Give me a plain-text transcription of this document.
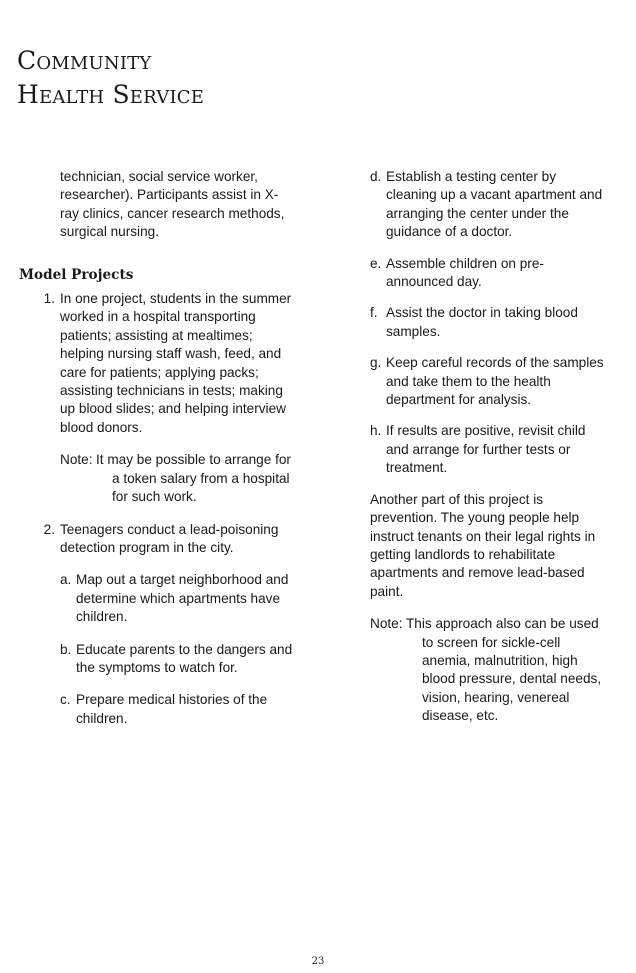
Community
Health Service

technician, social service worker, researcher). Participants assist in X-ray clinics, cancer research methods, surgical nursing.

Model Projects
1. In one project, students in the summer worked in a hospital transporting patients; assisting at mealtimes; helping nursing staff wash, feed, and care for patients; applying packs; assisting technicians in tests; making up blood slides; and helping interview blood donors.
Note: It may be possible to arrange for a token salary from a hospital for such work.
2. Teenagers conduct a lead-poisoning detection program in the city.
a. Map out a target neighborhood and determine which apartments have children.
b. Educate parents to the dangers and the symptoms to watch for.
c. Prepare medical histories of the children.
d. Establish a testing center by cleaning up a vacant apartment and arranging the center under the guidance of a doctor.
e. Assemble children on pre-announced day.
f. Assist the doctor in taking blood samples.
g. Keep careful records of the samples and take them to the health department for analysis.
h. If results are positive, revisit child and arrange for further tests or treatment.

Another part of this project is prevention. The young people help instruct tenants on their legal rights in getting landlords to rehabilitate apartments and remove lead-based paint.

Note: This approach also can be used to screen for sickle-cell anemia, malnutrition, high blood pressure, dental needs, vision, hearing, venereal disease, etc.
23
